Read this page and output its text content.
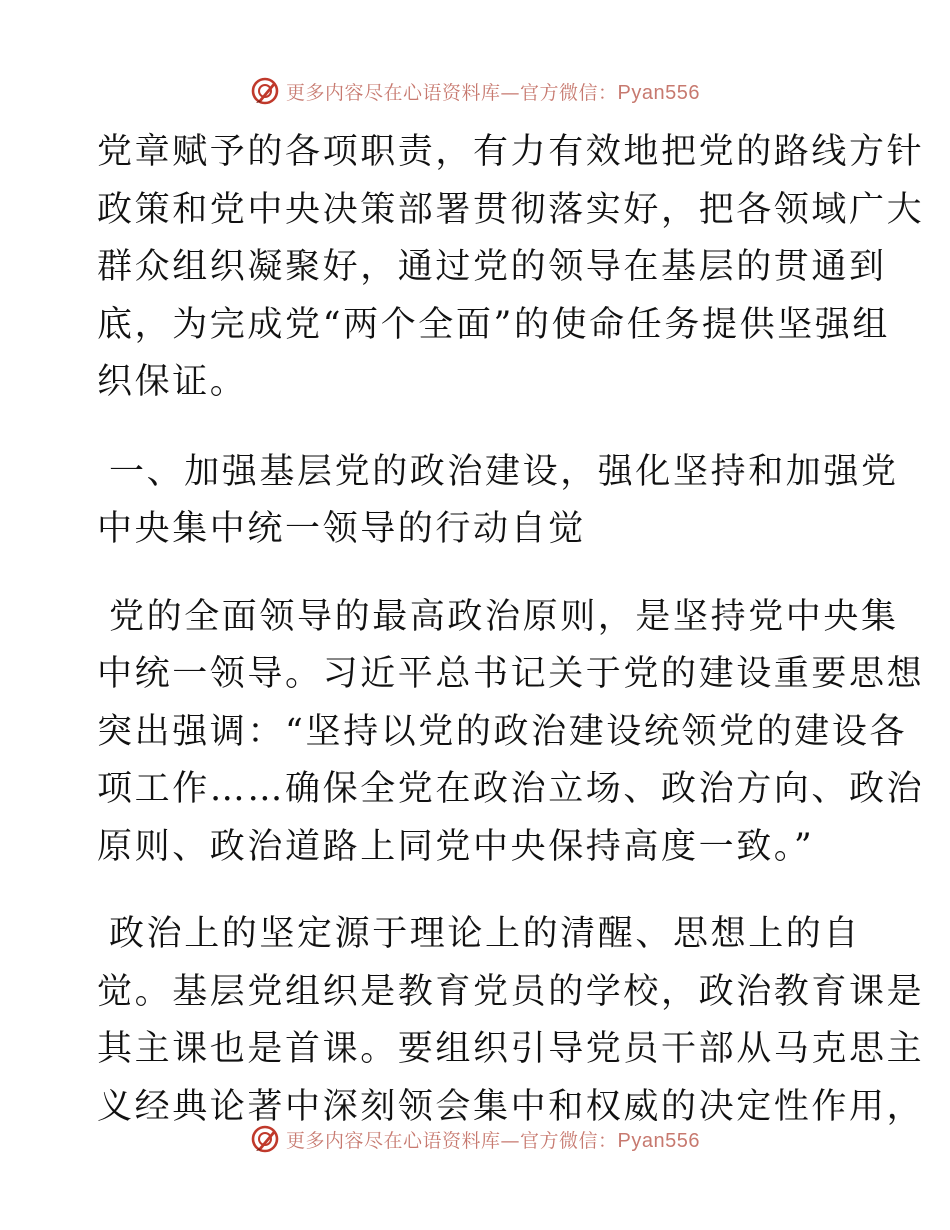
更多内容尽在心语资料库—官方微信：Pyan556

党章赋予的各项职责，有力有效地把党的路线方针
政策和党中央决策部署贯彻落实好，把各领域广大
群众组织凝聚好，通过党的领导在基层的贯通到
底，为完成党“两个全面”的使命任务提供坚强组
织保证。

一、加强基层党的政治建设，强化坚持和加强党
中央集中统一领导的行动自觉

党的全面领导的最高政治原则，是坚持党中央集
中统一领导。习近平总书记关于党的建设重要思想
突出强调：“坚持以党的政治建设统领党的建设各
项工作……确保全党在政治立场、政治方向、政治
原则、政治道路上同党中央保持高度一致。”

政治上的坚定源于理论上的清醒、思想上的自
觉。基层党组织是教育党员的学校，政治教育课是
其主课也是首课。要组织引导党员干部从马克思主
义经典论著中深刻领会集中和权威的决定性作用，

更多内容尽在心语资料库—官方微信：Pyan556
